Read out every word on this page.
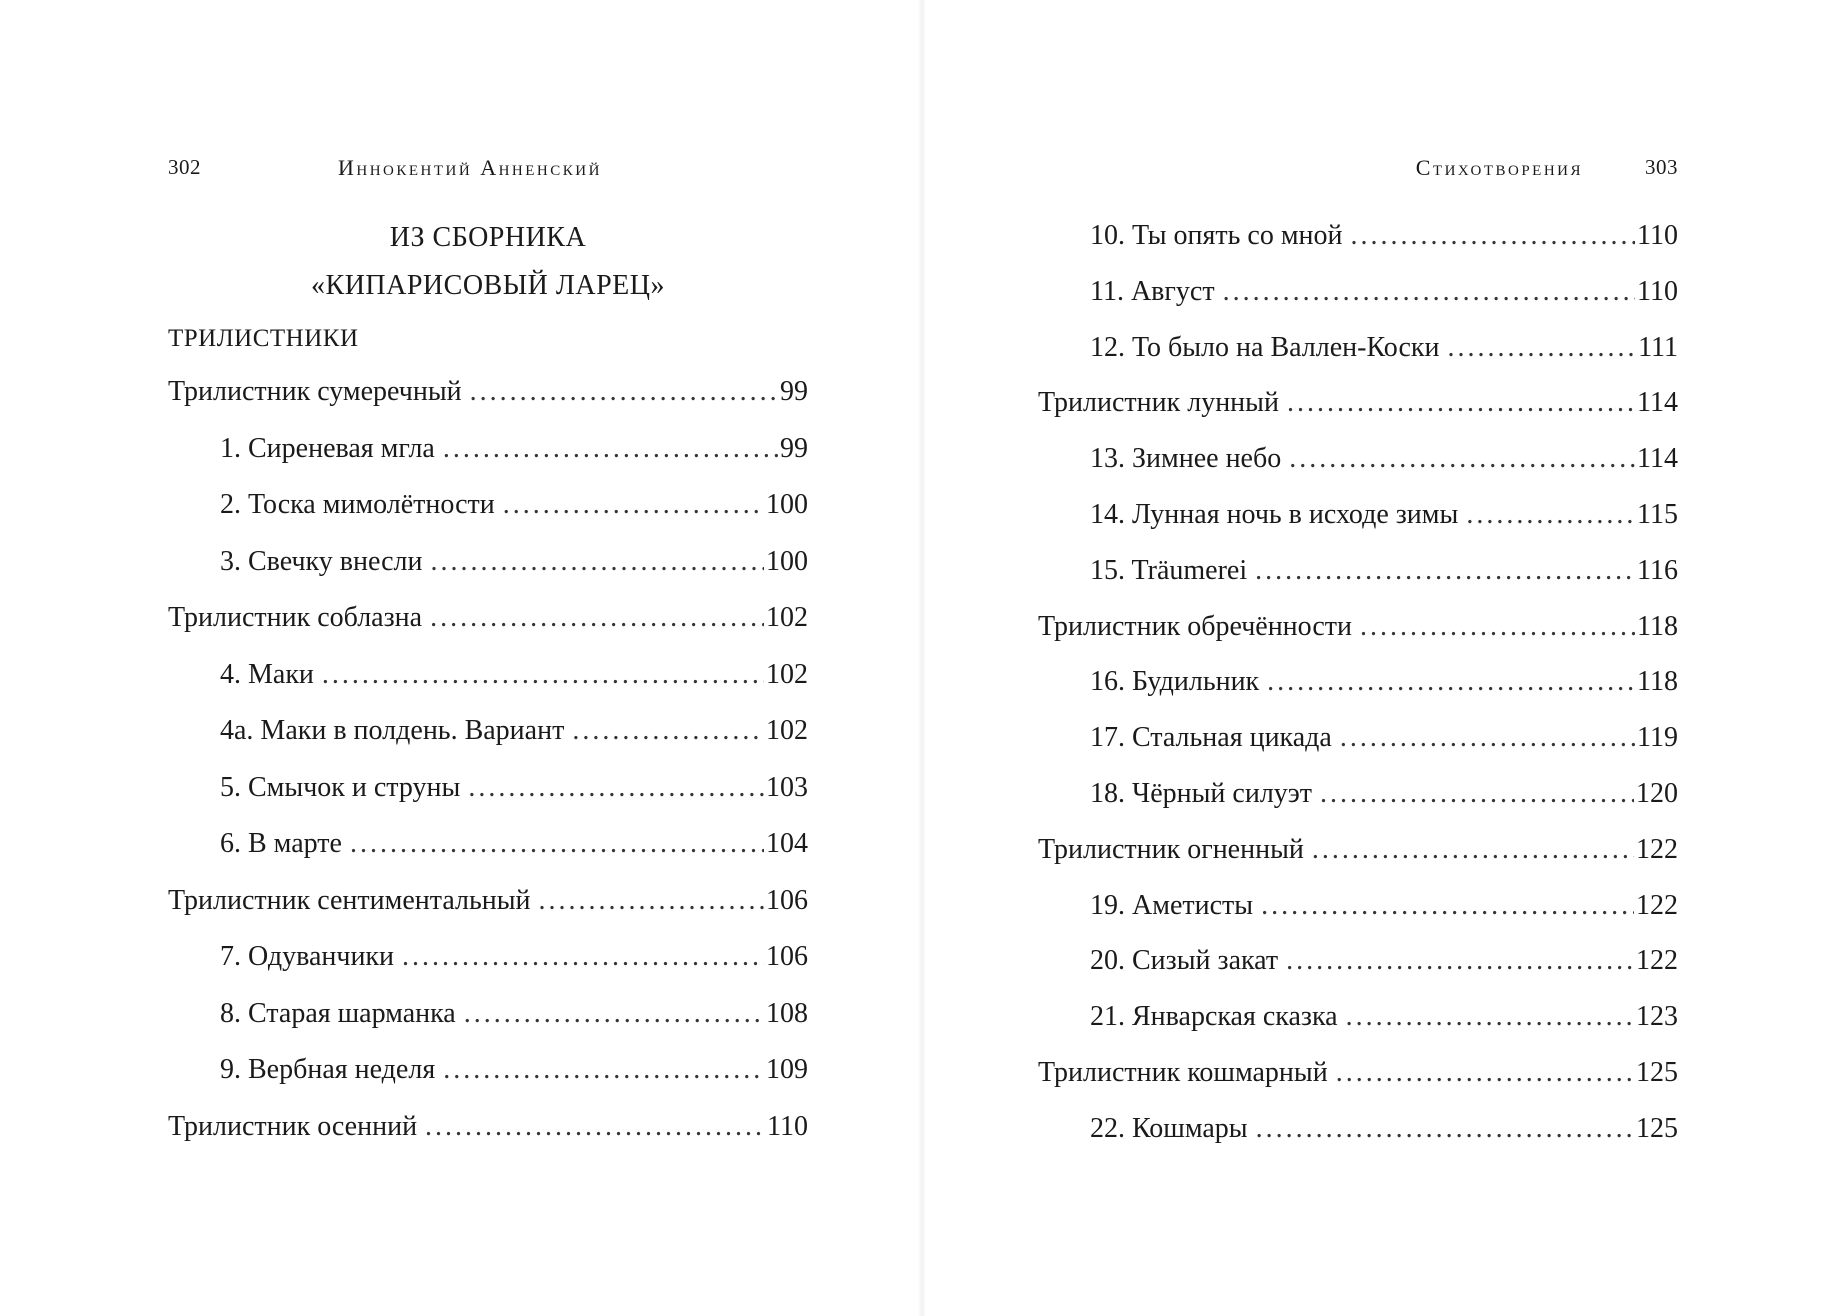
302	Иннокентий Анненский
ИЗ СБОРНИКА
«КИПАРИСОВЫЙ ЛАРЕЦ»
ТРИЛИСТНИКИ
Трилистник сумеречный . . .	99
1. Сиреневая мгла . . .	99
2. Тоска мимолётности . . .	100
3. Свечку внесли . . .	100
Трилистник соблазна . . .	102
4. Маки . . .	102
4а. Маки в полдень. Вариант . . .	102
5. Смычок и струны . . .	103
6. В марте . . .	104
Трилистник сентиментальный . . .	106
7. Одуванчики . . .	106
8. Старая шарманка . . .	108
9. Вербная неделя . . .	109
Трилистник осенний . . .	110
Стихотворения	303
10. Ты опять со мной . . .	110
11. Август . . .	110
12. То было на Валлен-Коски . . .	111
Трилистник лунный . . .	114
13. Зимнее небо . . .	114
14. Лунная ночь в исходе зимы . . .	115
15. Träumerei . . .	116
Трилистник обречённости . . .	118
16. Будильник . . .	118
17. Стальная цикада . . .	119
18. Чёрный силуэт . . .	120
Трилистник огненный . . .	122
19. Аметисты . . .	122
20. Сизый закат . . .	122
21. Январская сказка . . .	123
Трилистник кошмарный . . .	125
22. Кошмары . . .	125
